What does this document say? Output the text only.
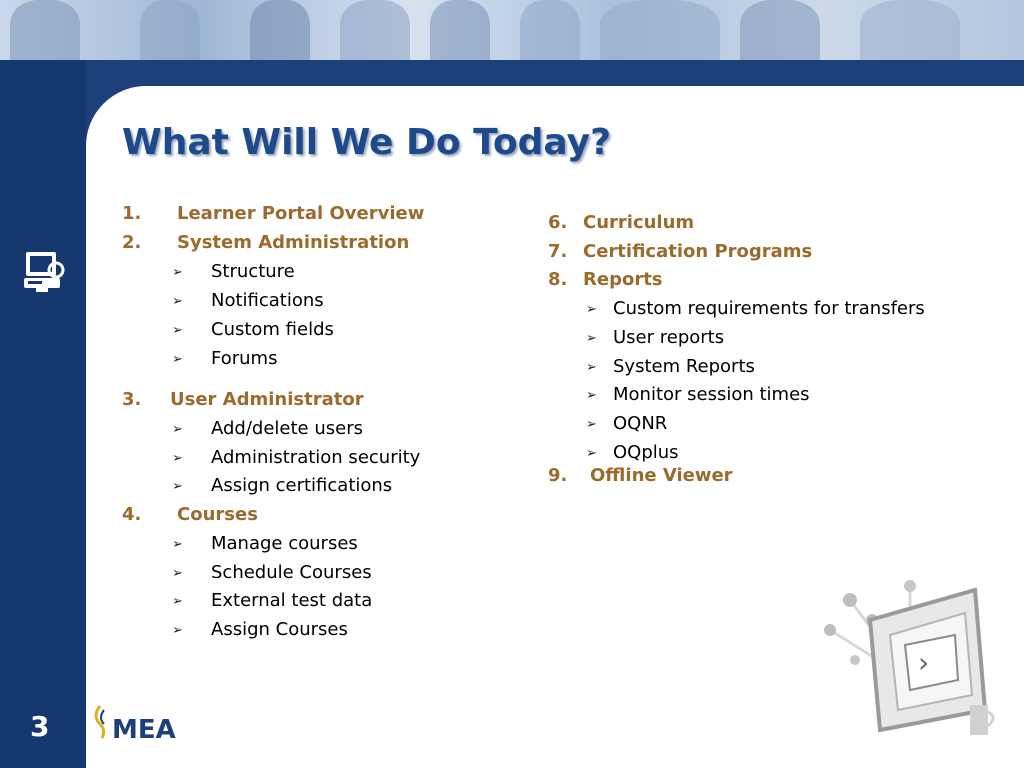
What Will We Do Today?
1. Learner Portal Overview
2. System Administration
➢ Structure
➢ Notifications
➢ Custom fields
➢ Forums
3. User Administrator
➢ Add/delete users
➢ Administration security
➢ Assign certifications
4. Courses
➢ Manage courses
➢ Schedule Courses
➢ External test data
➢ Assign Courses
6. Curriculum
7. Certification Programs
8. Reports
➢ Custom requirements for transfers
➢ User reports
➢ System Reports
➢ Monitor session times
➢ OQNR
➢ OQplus
9. Offline Viewer
›
MEA
3
